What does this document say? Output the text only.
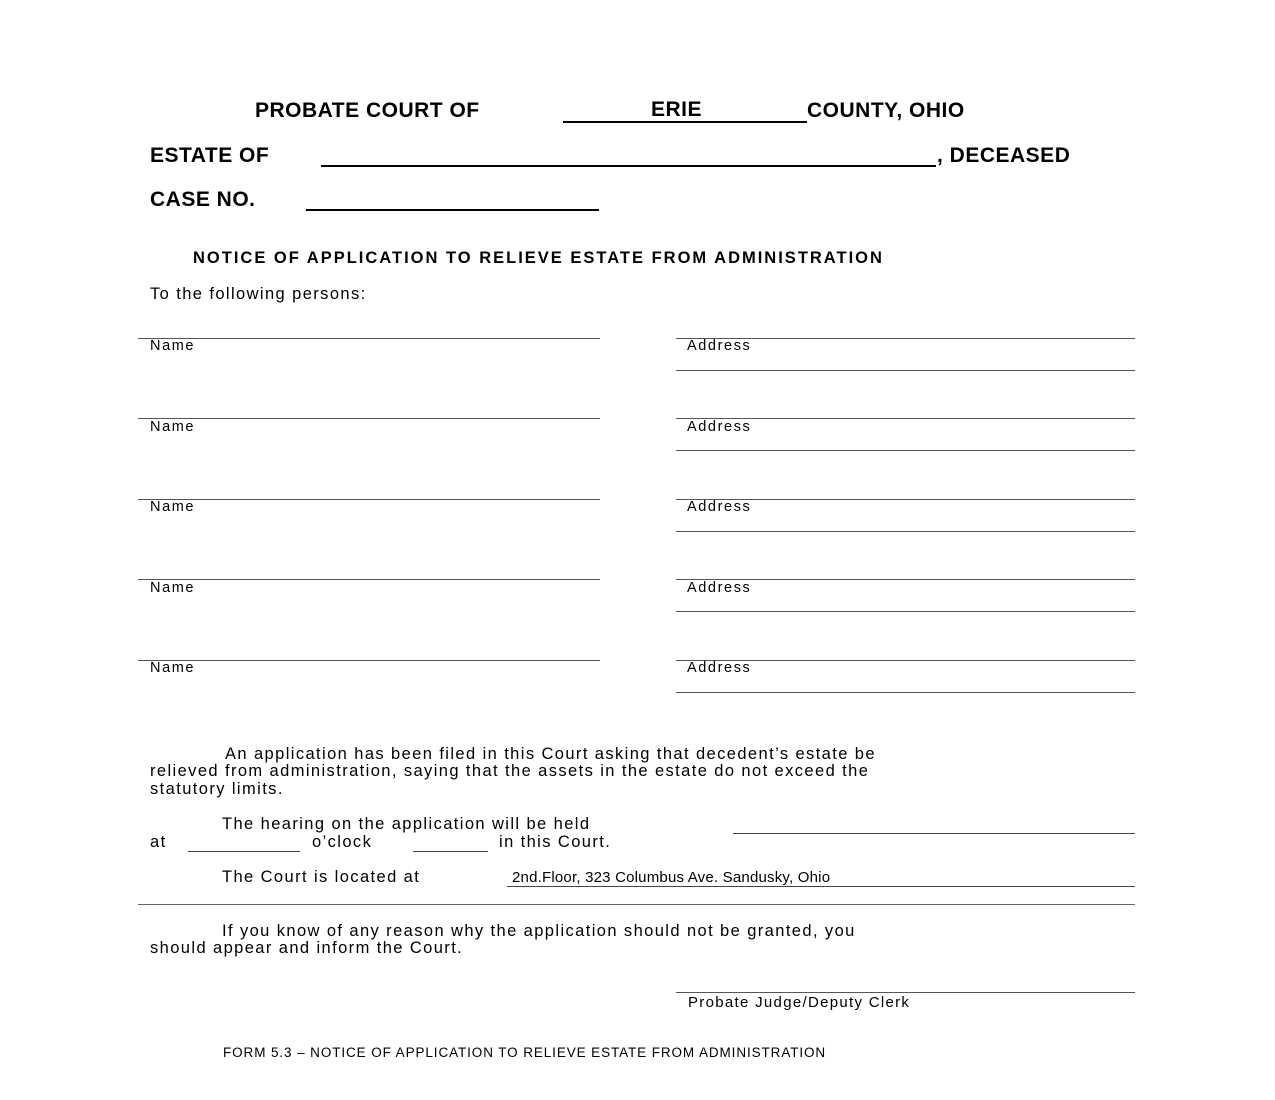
PROBATE COURT OF	ERIE	COUNTY, OHIO
ESTATE OF	, DECEASED
CASE NO.
NOTICE OF APPLICATION TO RELIEVE ESTATE FROM ADMINISTRATION
To the following persons:
Name	Address
Name	Address
Name	Address
Name	Address
Name	Address
An application has been filed in this Court asking that decedent’s estate be
relieved from administration, saying that the assets in the estate do not exceed the
statutory limits.
The hearing on the application will be held
at	o’clock	in this Court.
The Court is located at	2nd.Floor, 323 Columbus Ave. Sandusky, Ohio
If you know of any reason why the application should not be granted, you
should appear and inform the Court.
Probate Judge/Deputy Clerk
FORM 5.3 – NOTICE OF APPLICATION TO RELIEVE ESTATE FROM ADMINISTRATION
